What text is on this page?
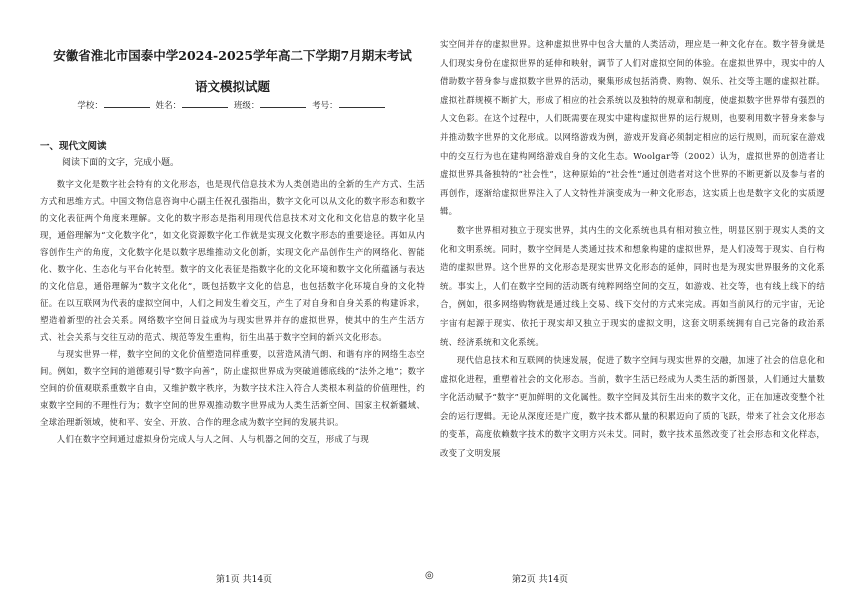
安徽省淮北市国泰中学2024-2025学年高二下学期7月期末考试
语文模拟试题
学校：	姓名：	班级：	考号：
一、现代文阅读
阅读下面的文字，完成小题。

数字文化是数字社会特有的文化形态，也是现代信息技术为人类创造出的全新的生产方式、生活方式和思维方式。中国文物信息咨询中心副主任祝孔强指出，数字文化可以从文化的数字形态和数字的文化表征两个角度来理解。文化的数字形态是指利用现代信息技术对文化和文化信息的数字化呈现，通俗理解为“文化数字化”，如文化资源数字化工作就是实现文化数字形态的重要途径。再如从内容创作生产的角度，文化数字化是以数字思维推动文化创新，实现文化产品创作生产的网络化、智能化、数字化、生态化与平台化转型。数字的文化表征是指数字化的文化环境和数字文化所蕴涵与表达的文化信息，通俗理解为“数字文化化”，既包括数字文化的信息，也包括数字化环境自身的文化特征。在以互联网为代表的虚拟空间中，人们之间发生着交互，产生了对自身和自身关系的构建诉求，塑造着新型的社会关系。网络数字空间日益成为与现实世界并存的虚拟世界，使其中的生产生活方式、社会关系与交往互动的范式、规范等发生重构，衍生出基于数字空间的新兴文化形态。

与现实世界一样，数字空间的文化价值塑造同样重要，以营造风清气朗、和谐有序的网络生态空间。例如，数字空间的道德观引导“数字向善”，防止虚拟世界成为突破道德底线的“法外之地”；数字空间的价值观联系重数字自由，又维护数字秩序，为数字技术注入符合人类根本利益的价值理性，约束数字空间的不理性行为；数字空间的世界观推动数字世界成为人类生活新空间、国家主权新疆域、全球治理新领域，使和平、安全、开放、合作的理念成为数字空间的发展共识。

人们在数字空间通过虚拟身份完成人与人之间、人与机器之间的交互，形成了与现

实空间并存的虚拟世界。这种虚拟世界中包含大量的人类活动，理应是一种文化存在。数字替身就是人们现实身份在虚拟世界的延伸和映射，调节了人们对虚拟空间的体验。在虚拟世界中，现实中的人借助数字替身参与虚拟数字世界的活动，聚集形成包括消费、购物、娱乐、社交等主题的虚拟社群。虚拟社群规模不断扩大，形成了相应的社会系统以及独特的规章和制度，使虚拟数字世界带有强烈的人文色彩。在这个过程中，人们既需要在现实中建构虚拟世界的运行规则，也要利用数字替身来参与并推动数字世界的文化形成。以网络游戏为例，游戏开发商必须制定相应的运行规则，而玩家在游戏中的交互行为也在建构网络游戏自身的文化生态。Woolgar等（2002）认为，虚拟世界的创造者让虚拟世界具备独特的“社会性”，这种原始的“社会性”通过创造者对这个世界的不断更新以及参与者的再创作，逐渐给虚拟世界注入了人文特性并演变成为一种文化形态，这实质上也是数字文化的实质逻辑。

数字世界相对独立于现实世界，其内生的文化系统也具有相对独立性，明显区别于现实人类的文化和文明系统。同时，数字空间是人类通过技术和想象构建的虚拟世界，是人们凌驾于现实、自行构造的虚拟世界。这个世界的文化形态是现实世界文化形态的延伸，同时也是为现实世界服务的文化系统。事实上，人们在数字空间的活动既有纯粹网络空间的交互，如游戏、社交等，也有线上线下的结合，例如，很多网络购物就是通过线上交易、线下交付的方式来完成。再如当前风行的元宇宙，无论宇宙有起源于现实、依托于现实却又独立于现实的虚拟文明，这套文明系统拥有自己完备的政治系统、经济系统和文化系统。

现代信息技术和互联网的快速发展，促进了数字空间与现实世界的交融，加速了社会的信息化和虚拟化进程，重塑着社会的文化形态。当前，数字生活已经成为人类生活的新图景，人们通过大量数字化活动赋予“数字”更加鲜明的文化属性。数字空间及其衍生出来的数字文化，正在加速改变整个社会的运行逻辑。无论从深度还是广度，数字技术都从量的积累迈向了质的飞跃，带来了社会文化形态的变革，高度依赖数字技术的数字文明方兴未艾。同时，数字技术虽然改变了社会形态和文化样态，改变了文明发展

第1页 共14页	◎	第2页 共14页
